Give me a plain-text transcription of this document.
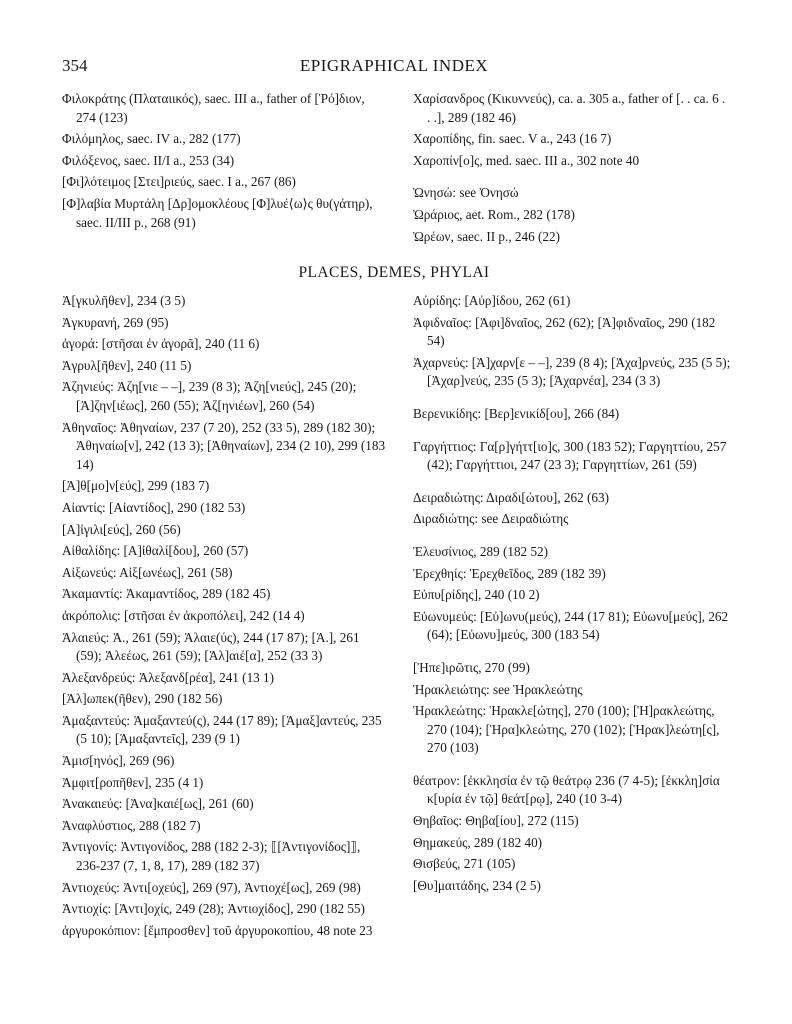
354	EPIGRAPHICAL INDEX

Φιλοκράτης (Πλαταιικός), saec. III a., father of [Ῥό]διον, 274 (123)

Φιλόμηλος, saec. IV a., 282 (177)

Φιλόξενος, saec. II/I a., 253 (34)

[Φι]λότειμος [Στει]ριεύς, saec. I a., 267 (86)

[Φ]λαβία Μυρτάλη [Δρ]ομοκλέους [Φ]λυέ⟨ω⟩ς θυ(γάτηρ), saec. II/III p., 268 (91)

Χαρίσανδρος (Κικυννεύς), ca. a. 305 a., father of [. . ca. 6 . . .], 289 (182 46)

Χαροπίδης, fin. saec. V a., 243 (16 7)

Χαροπίν[ο]ς, med. saec. III a., 302 note 40

Ὠνησώ: see Ὀνησώ

Ὠράριος, aet. Rom., 282 (178)

Ὠρέων, saec. II p., 246 (22)

PLACES, DEMES, PHYLAI

Ἀ[γκυλῆθεν], 234 (3 5)

Ἀγκυρανή, 269 (95)

ἀγορά: [στῆσαι ἐν ἀγορᾶ], 240 (11 6)

Ἀγρυλ[ῆθεν], 240 (11 5)

Ἀζηνιεύς: Ἀζη[νιε – –], 239 (8 3); Ἀζη[νιεύς], 245 (20); [Ἀ]ζην[ιέως], 260 (55); Ἀζ[ηνιέων], 260 (54)

Ἀθηναῖος: Ἀθηναίων, 237 (7 20), 252 (33 5), 289 (182 30); Ἀθηναίω[ν], 242 (13 3); [Ἀθηναίων], 234 (2 10), 299 (183 14)

[Ἀ]θ[μο]ν[εύς], 299 (183 7)

Αἰαντίς: [Αἰαντίδος], 290 (182 53)

[Α]ἰγιλι[εύς], 260 (56)

Αἰθαλίδης: [Α]ἰθαλί[δου], 260 (57)

Αἰξωνεύς: Αἰξ[ωνέως], 261 (58)

Ἀκαμαντίς: Ἀκαμαντίδος, 289 (182 45)

ἀκρόπολις: [στῆσαι ἐν ἀκροπόλει], 242 (14 4)

Ἁλαιεύς: Ἁ., 261 (59); Ἁλαιε(ύς), 244 (17 87); [Ἁ.], 261 (59); Ἁλεέως, 261 (59); [Ἁλ]αιέ[α], 252 (33 3)

Ἀλεξανδρεύς: Ἀλεξανδ[ρέα], 241 (13 1)

[Ἀλ]ωπεκ(ῆθεν), 290 (182 56)

Ἁμαξαντεύς: Ἁμαξαντεύ(ς), 244 (17 89); [Ἁμαξ]αντεύς, 235 (5 10); [Ἁμαξαντεῖς], 239 (9 1)

Ἀμισ[ηνός], 269 (96)

Ἀμφιτ[ροπῆθεν], 235 (4 1)

Ἀνακαιεύς: [Ἀνα]καιέ[ως], 261 (60)

Ἀναφλύστιος, 288 (182 7)

Ἀντιγονίς: Ἀντιγονίδος, 288 (182 2-3); ⟦[Ἀντιγονίδος]⟧, 236-237 (7, 1, 8, 17), 289 (182 37)

Ἀντιοχεύς: Ἀντι[οχεύς], 269 (97), Ἀντιοχέ[ως], 269 (98)

Ἀντιοχίς: [Ἀντι]οχίς, 249 (28); Ἀντιοχίδος], 290 (182 55)

ἀργυροκόπιον: [ἔμπροσθεν] τοῦ ἀργυροκοπίου, 48 note 23

Αὐρίδης: [Αὐρ]ίδου, 262 (61)

Ἀφιδναῖος: [Ἀφι]δναῖος, 262 (62); [Ἀ]φιδναῖος, 290 (182 54)

Ἀχαρνεύς: [Ἀ]χαρν[ε – –], 239 (8 4); [Ἀχα]ρνεύς, 235 (5 5); [Ἀχαρ]νεύς, 235 (5 3); [Ἀχαρνέα], 234 (3 3)

Βερενικίδης: [Βερ]ενικίδ[ου], 266 (84)

Γαργήττιος: Γα[ρ]γήττ[ιο]ς, 300 (183 52); Γαργηττίου, 257 (42); Γαργήττιοι, 247 (23 3); Γαργηττίων, 261 (59)

Δειραδιώτης: Διραδι[ώτου], 262 (63)

Διραδιώτης: see Δειραδιώτης

Ἐλευσίνιος, 289 (182 52)

Ἐρεχθηίς: Ἐρεχθεῖδος, 289 (182 39)

Εὐπυ[ρίδης], 240 (10 2)

Εὐωνυμεύς: [Εὐ]ωνυ(μεύς), 244 (17 81); Εὐωνυ[μεύς], 262 (64); [Εὐωνυ]μεύς, 300 (183 54)

[Ἠπε]ιρῶτις, 270 (99)

Ἡρακλειώτης: see Ἡρακλεώτης

Ἡρακλεώτης: Ἡρακλε[ώτης], 270 (100); [Ἡ]ρακλεώτης, 270 (104); [Ἡρα]κλεώτης, 270 (102); [Ἡρακ]λεώτη[ς], 270 (103)

θέατρον: [ἐκκλησία ἐν τῷ θεάτρῳ 236 (7 4-5); [ἐκκλη]σία κ[υρία ἐν τῷ] θεάτ[ρῳ], 240 (10 3-4)

Θηβαῖος: Θηβα[ίου], 272 (115)

Θημακεύς, 289 (182 40)

Θισβεύς, 271 (105)

[Θυ]μαιτάδης, 234 (2 5)
